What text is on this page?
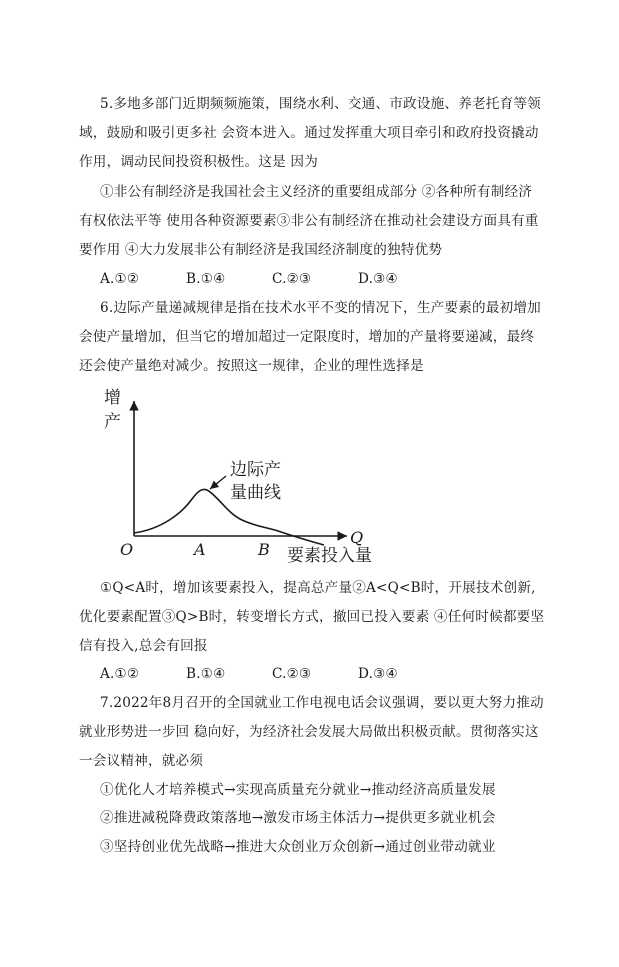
5.多地多部门近期频频施策，围绕水利、交通、市政设施、养老托育等领
域，鼓励和吸引更多社 会资本进入。通过发挥重大项目牵引和政府投资撬动
作用，调动民间投资积极性。这是 因为
①非公有制经济是我国社会主义经济的重要组成部分 ②各种所有制经济
有权依法平等 使用各种资源要素③非公有制经济在推动社会建设方面具有重
要作用 ④大力发展非公有制经济是我国经济制度的独特优势
A.①②	B.①④	C.②③	D.③④
6.边际产量递减规律是指在技术水平不变的情况下，生产要素的最初增加
会使产量增加，但当它的增加超过一定限度时，增加的产量将要递减，最终
还会使产量绝对减少。按照这一规律，企业的理性选择是
增
产
边际产
量曲线
O	A	B
Q
要素投入量
①Q<A时，增加该要素投入，提高总产量②A<Q<B时，开展技术创新,
优化要素配置③Q>B时，转变增长方式，撤回已投入要素 ④任何时候都要坚
信有投入,总会有回报
A.①②	B.①④	C.②③	D.③④
7.2022年8月召开的全国就业工作电视电话会议强调，要以更大努力推动
就业形势进一步回 稳向好，为经济社会发展大局做出积极贡献。贯彻落实这
一会议精神，就必须
①优化人才培养模式→实现高质量充分就业→推动经济高质量发展
②推进减税降费政策落地→激发市场主体活力→提供更多就业机会
③坚持创业优先战略→推进大众创业万众创新→通过创业带动就业
